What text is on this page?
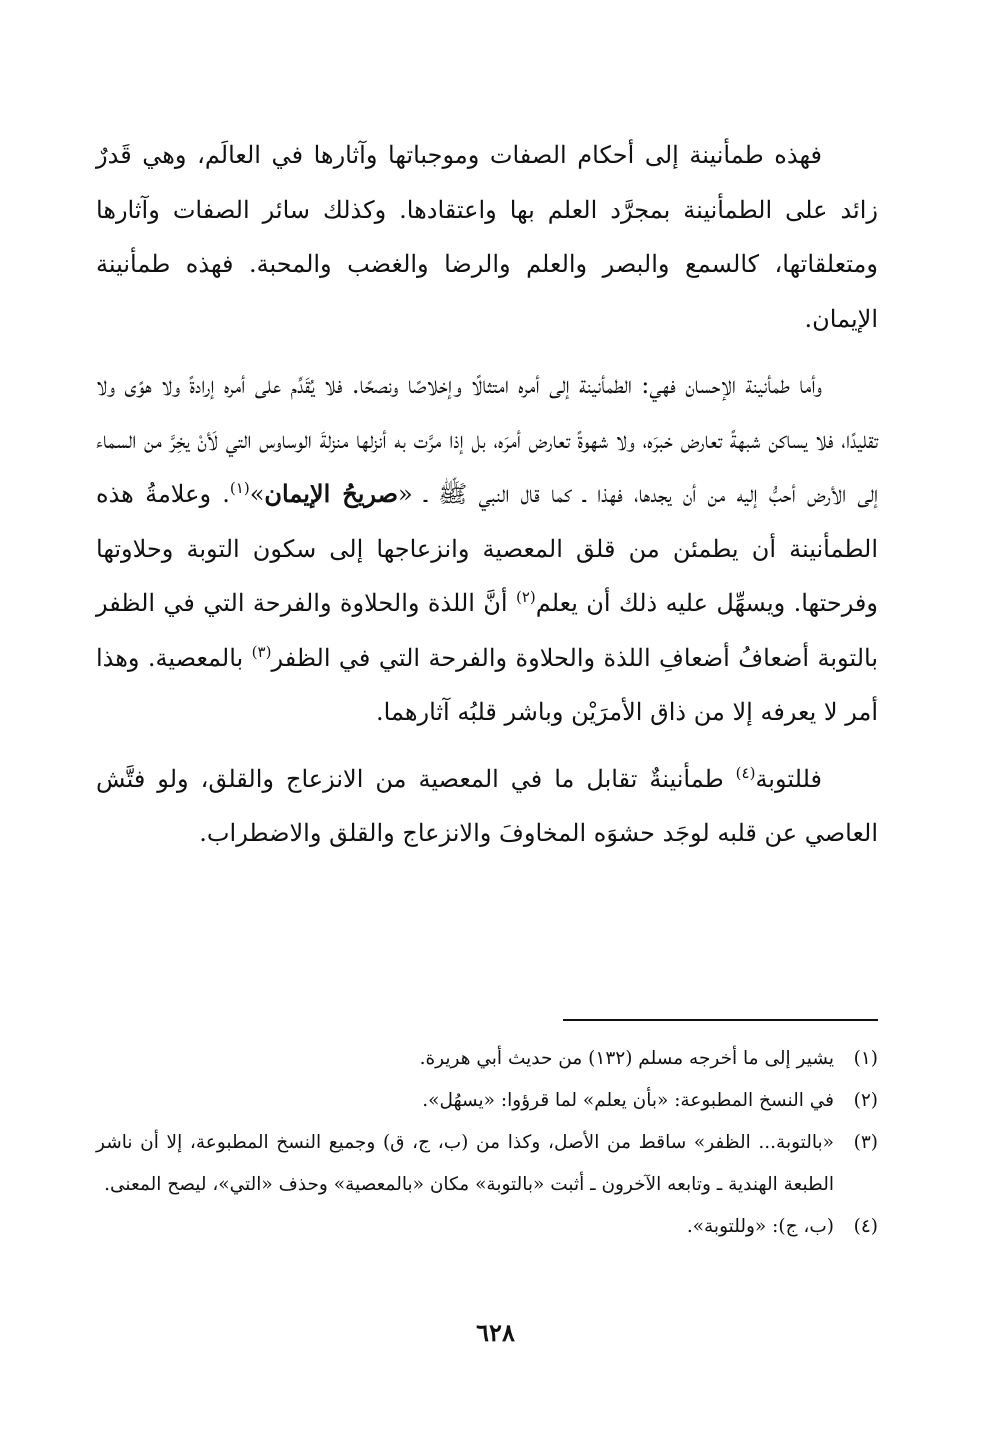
فهذه طمأنينة إلى أحكام الصفات وموجباتها وآثارها في العالَم، وهي قَدرٌ زائد على الطمأنينة بمجرَّد العلم بها واعتقادها. وكذلك سائر الصفات وآثارها ومتعلقاتها، كالسمع والبصر والعلم والرضا والغضب والمحبة. فهذه طمأنينة الإيمان.

وأما طمأنينة الإحسان فهي: الطمأنينة إلى أمره امتثالًا وإخلاصًا ونصحًا. فلا يُقَدِّم على أمره إرادةً ولا هوًى ولا تقليدًا، فلا يساكن شبهةً تعارض خبرَه، ولا شهوةً تعارض أمرَه، بل إذا مرَّت به أنزلها منزلةَ الوساوس التي لَأنْ يخِرَّ من السماء إلى الأرض أحبُّ إليه من أن يجدها، فهذا ـ كما قال النبي ﷺ ـ «صريحُ الإيمان»$^{(١)}$. وعلامةُ هذه الطمأنينة أن يطمئن من قلق المعصية وانزعاجها إلى سكون التوبة وحلاوتها وفرحتها. ويسهِّل عليه ذلك أن يعلم$^{(٢)}$ أنَّ اللذة والحلاوة والفرحة التي في الظفر بالتوبة أضعافُ أضعافِ اللذة والحلاوة والفرحة التي في الظفر$^{(٣)}$ بالمعصية. وهذا أمر لا يعرفه إلا من ذاق الأمرَيْن وباشر قلبُه آثارهما.

فللتوبة$^{(٤)}$ طمأنينةٌ تقابل ما في المعصية من الانزعاج والقلق، ولو فتَّش العاصي عن قلبه لوجَد حشوَه المخاوفَ والانزعاج والقلق والاضطراب.

(١)
يشير إلى ما أخرجه مسلم (١٣٢) من حديث أبي هريرة.
(٢)
في النسخ المطبوعة: «بأن يعلم» لما قرؤوا: «يسهُل».
(٣)
«بالتوبة... الظفر» ساقط من الأصل، وكذا من (ب، ج، ق) وجميع النسخ المطبوعة، إلا أن ناشر الطبعة الهندية ـ وتابعه الآخرون ـ أثبت «بالتوبة» مكان «بالمعصية» وحذف «التي»، ليصح المعنى.
(٤)
(ب، ج): «وللتوبة».
٦٢٨
